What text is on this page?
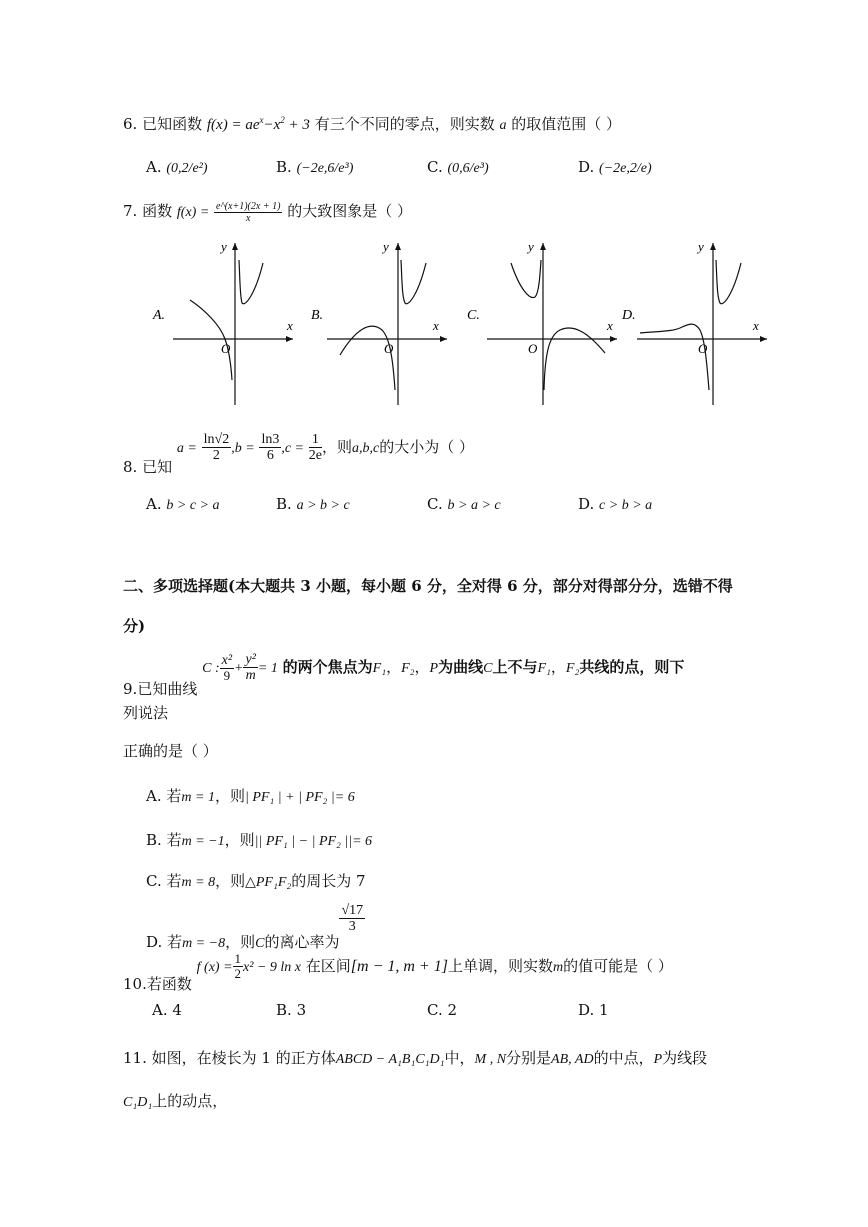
6. 已知函数 $f(x) = ae^x-x^2 + 3$ 有三个不同的零点，则实数 a 的取值范围（ ）
A. (0,2/e²)	B. (−2e,6/e³)	C. (0,6/e³)	D. (−2e,2/e)
7. 函数 $f(x) = \frac{e\^{}(x+1)(2x + 1)}{x}$ 的大致图象是（ ）
A.
x
y
O
B.
x
y
O
C.
x
y
O
D.
x
y
O
8. 已知 $a = \frac{\ln√2}{2} ,b = \frac{\ln 3}{6} ,c = \frac{1}{2e}$ ，则a,b,c的大小为（ ）
A. b > c > a	B. a > b > c	C. b > a > c	D. c > b > a
二、多项选择题(本大题共 3 小题，每小题 6 分，全对得 6 分，部分对得部分分，选错不得
分)
9.已知曲线 C : $\frac{\text{x²}}{9} + \frac{\text{y²}}{m} = 1$ 的两个焦点为F₁，F₂，P为曲线C上不与F₁，F₂共线的点，则下
列说法
正确的是（ ）
A. 若m = 1，则| PF₁ | + | PF₂ |= 6
B. 若m = −1，则|| PF₁ | − | PF₂ ||= 6
C. 若m = 8，则△PF₁F₂的周长为 7
D. 若m = −8，则C的离心率为
$\frac{√17}{3}$
10.若函数 f $(x) = \frac{1}{2} x^2 - 9$ ln x 在区间[m − 1, m + 1]上单调，则实数m的值可能是（ ）
A. 4	B. 3	C. 2	D. 1
11. 如图，在棱长为 1 的正方体ABCD − A₁B₁C₁D₁中，M , N分别是AB, AD的中点，P为线段
C₁D₁上的动点，
